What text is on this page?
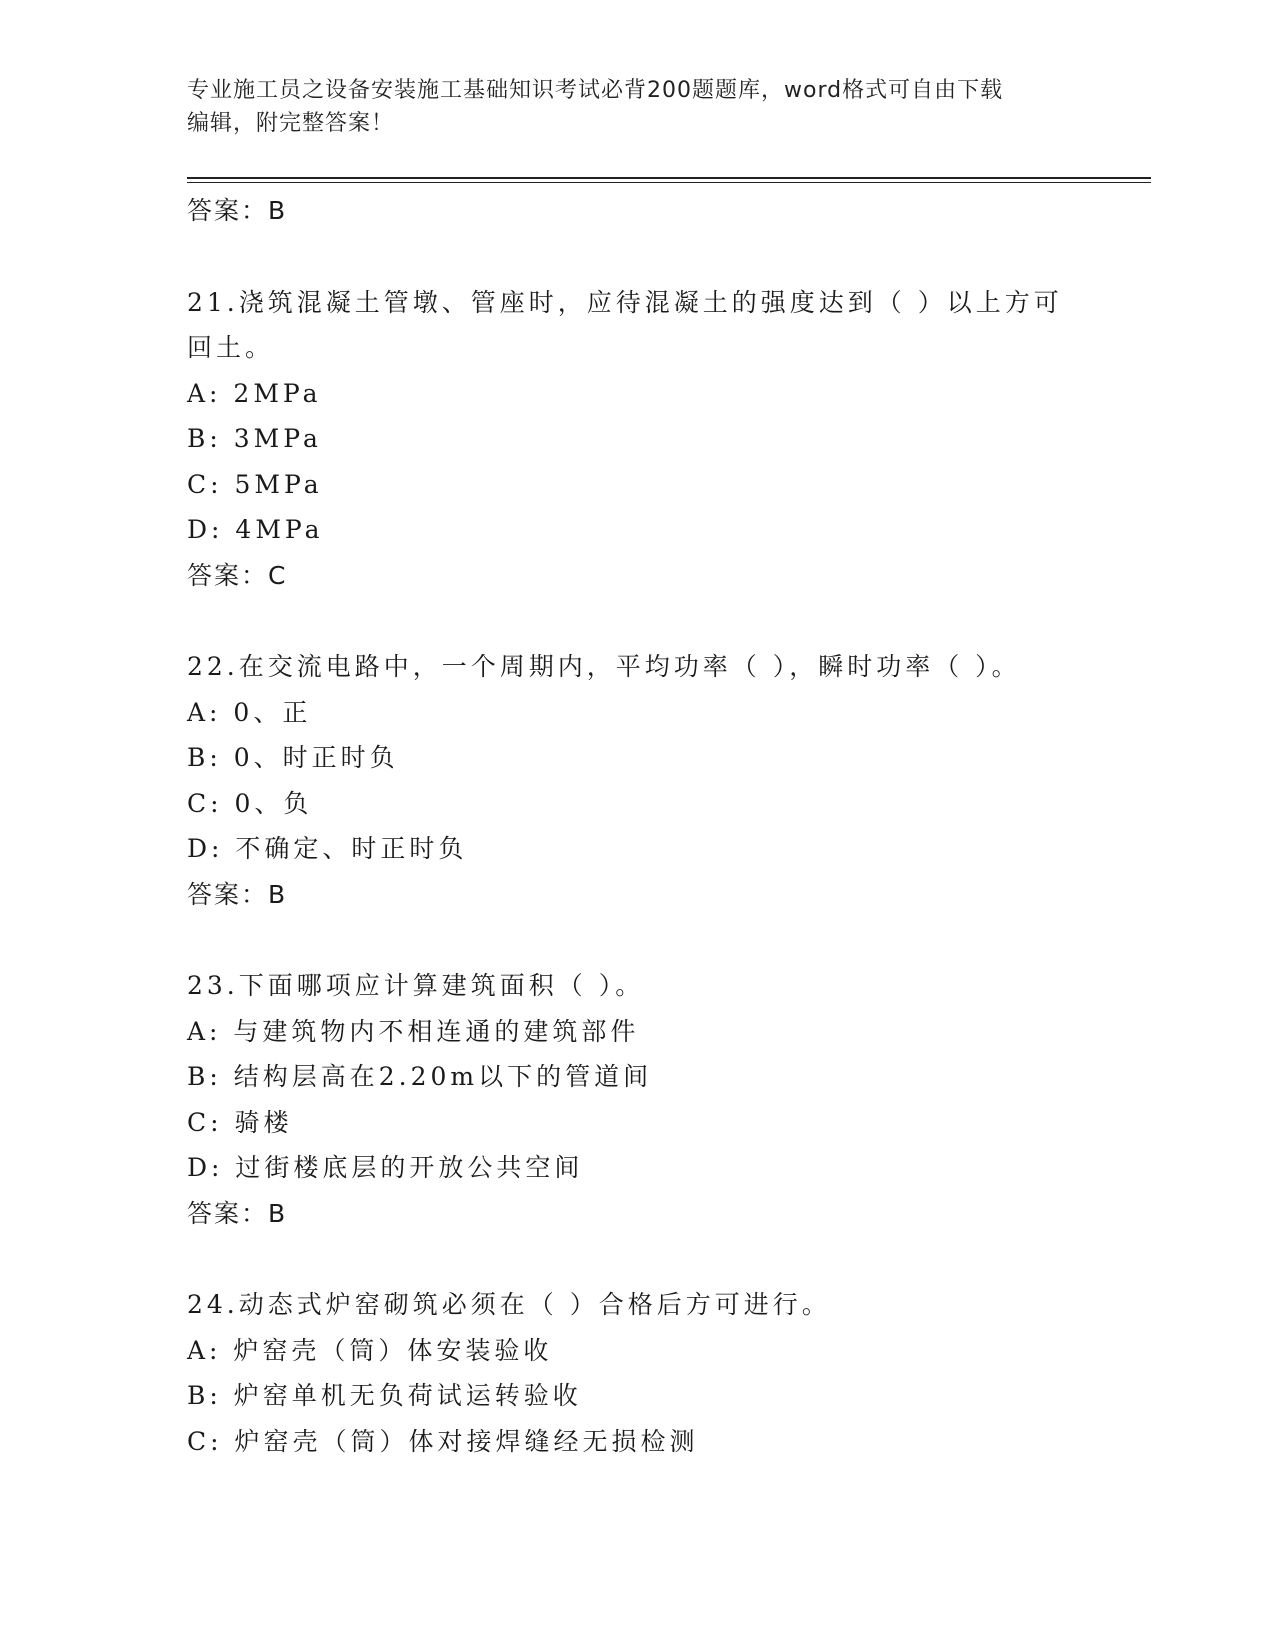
专业施工员之设备安装施工基础知识考试必背200题题库，word格式可自由下载
编辑，附完整答案！
答案：B
21.浇筑混凝土管墩、管座时，应待混凝土的强度达到（ ）以上方可
回土。
A: 2MPa
B: 3MPa
C: 5MPa
D: 4MPa
答案：C
22.在交流电路中，一个周期内，平均功率（ ），瞬时功率（ ）。
A: 0、正
B: 0、时正时负
C: 0、负
D: 不确定、时正时负
答案：B
23.下面哪项应计算建筑面积（ ）。
A: 与建筑物内不相连通的建筑部件
B: 结构层高在2.20m以下的管道间
C: 骑楼
D: 过街楼底层的开放公共空间
答案：B
24.动态式炉窑砌筑必须在（ ）合格后方可进行。
A: 炉窑壳（筒）体安装验收
B: 炉窑单机无负荷试运转验收
C: 炉窑壳（筒）体对接焊缝经无损检测
